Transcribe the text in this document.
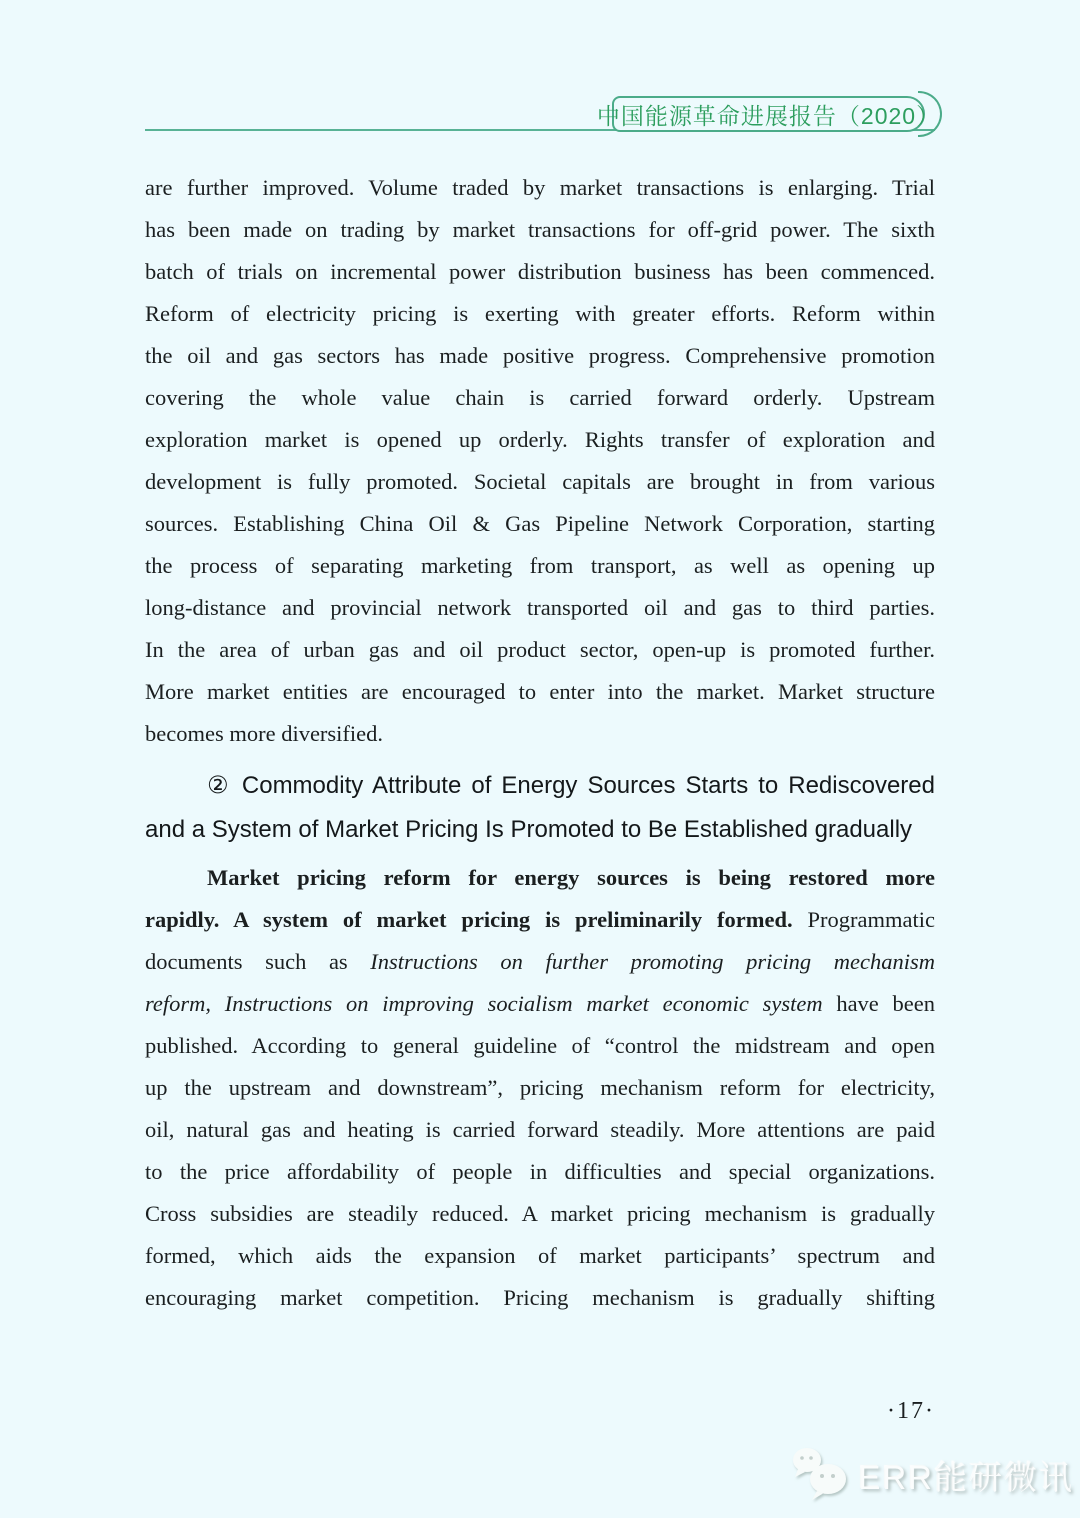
中国能源革命进展报告（2020）
are further improved. Volume traded by market transactions is enlarging. Trial
has been made on trading by market transactions for off-grid power. The sixth
batch of trials on incremental power distribution business has been commenced.
Reform of electricity pricing is exerting with greater efforts. Reform within
the oil and gas sectors has made positive progress. Comprehensive promotion
covering the whole value chain is carried forward orderly. Upstream
exploration market is opened up orderly. Rights transfer of exploration and
development is fully promoted. Societal capitals are brought in from various
sources. Establishing China Oil & Gas Pipeline Network Corporation, starting
the process of separating marketing from transport, as well as opening up
long-distance and provincial network transported oil and gas to third parties.
In the area of urban gas and oil product sector, open-up is promoted further.
More market entities are encouraged to enter into the market. Market structure
becomes more diversified.
② Commodity Attribute of Energy Sources Starts to Rediscovered
and a System of Market Pricing Is Promoted to Be Established gradually
Market pricing reform for energy sources is being restored more
rapidly. A system of market pricing is preliminarily formed. Programmatic
documents such as Instructions on further promoting pricing mechanism
reform, Instructions on improving socialism market economic system have been
published. According to general guideline of “control the midstream and open
up the upstream and downstream”, pricing mechanism reform for electricity,
oil, natural gas and heating is carried forward steadily. More attentions are paid
to the price affordability of people in difficulties and special organizations.
Cross subsidies are steadily reduced. A market pricing mechanism is gradually
formed, which aids the expansion of market participants’ spectrum and
encouraging market competition. Pricing mechanism is gradually shifting
·17·
ERR能研微讯
